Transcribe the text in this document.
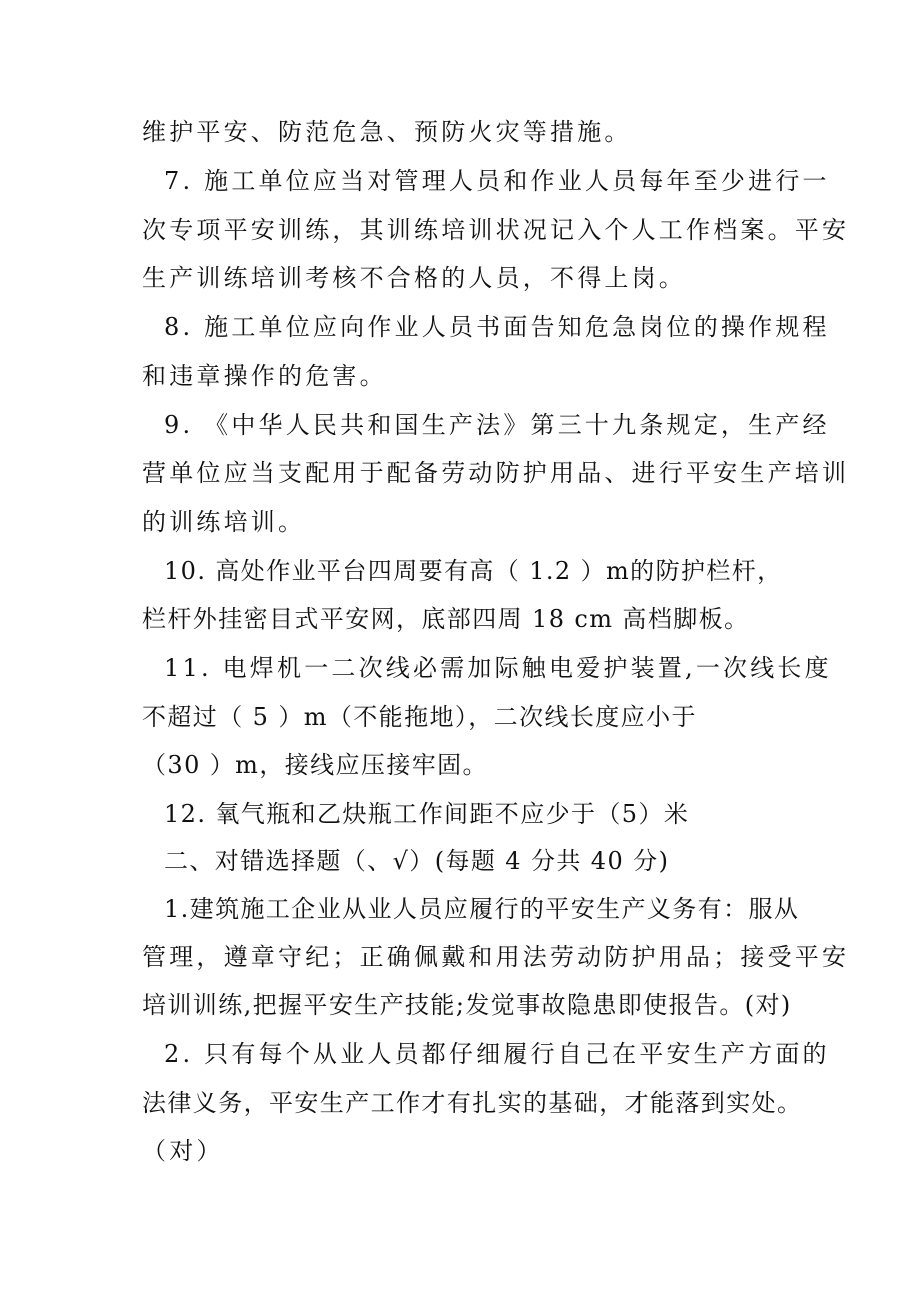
维护平安、防范危急、预防火灾等措施。
7. 施工单位应当对管理人员和作业人员每年至少进行一
次专项平安训练，其训练培训状况记入个人工作档案。平安
生产训练培训考核不合格的人员，不得上岗。
8. 施工单位应向作业人员书面告知危急岗位的操作规程
和违章操作的危害。
9. 《中华人民共和国生产法》第三十九条规定，生产经
营单位应当支配用于配备劳动防护用品、进行平安生产培训
的训练培训。
10. 高处作业平台四周要有高（ 1.2 ）m的防护栏杆，
栏杆外挂密目式平安网，底部四周 18 cm 高档脚板。
11. 电焊机一二次线必需加际触电爱护装置,一次线长度
不超过（ 5 ）m（不能拖地），二次线长度应小于
（30 ）m，接线应压接牢固。
12. 氧气瓶和乙炔瓶工作间距不应少于（5）米
二、对错选择题（、√）(每题 4 分共 40 分)
1.建筑施工企业从业人员应履行的平安生产义务有：服从
管理，遵章守纪；正确佩戴和用法劳动防护用品；接受平安
培训训练,把握平安生产技能;发觉事故隐患即使报告。(对)
2. 只有每个从业人员都仔细履行自己在平安生产方面的
法律义务，平安生产工作才有扎实的基础，才能落到实处。
（对）
